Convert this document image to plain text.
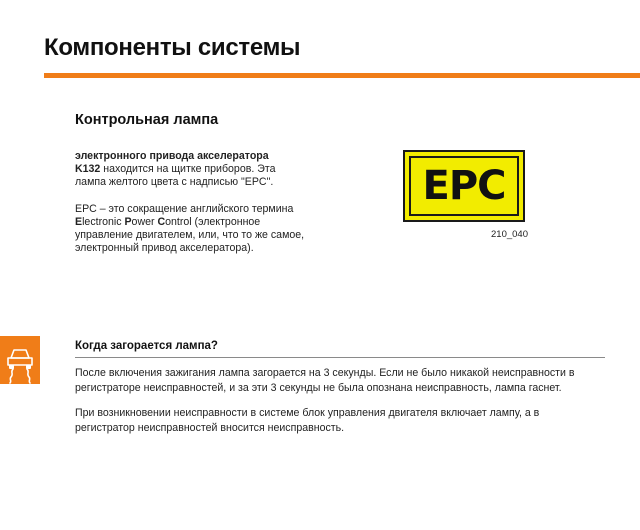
Компоненты системы
Контрольная лампа

электронного привода акселератора

K132 находится на щитке приборов. Эта

лампа желтого цвета с надписью "EPC".

EPC – это сокращение английского термина

Electronic Power Control (электронное

управление двигателем, или, что то же самое,

электронный привод акселератора).

EPC
210_040
Когда загорается лампа?
После включения зажигания лампа загорается на 3 секунды. Если не было никакой неисправности в
регистраторе неисправностей, и за эти 3 секунды не была опознана неисправность, лампа гаснет.
При возникновении неисправности в системе блок управления двигателя включает лампу, а в
регистратор неисправностей вносится неисправность.
